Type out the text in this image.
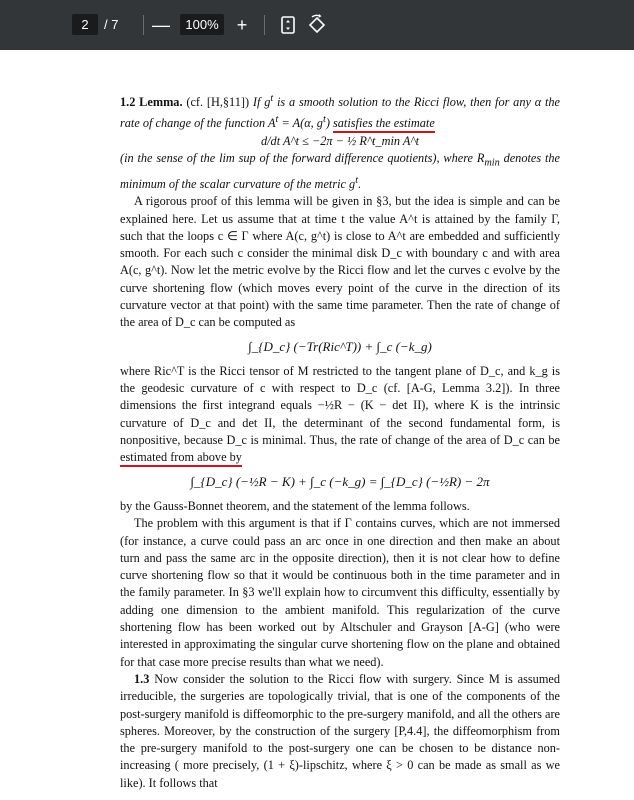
2	/ 7 —	100%	+

1.2 Lemma. (cf. [H,§11]) If $g^t$ is a smooth solution to the Ricci flow, then for any α the rate of change of the function $A^t = A(\alpha$, $g^t$) satisfies the estimate

d/dt A^t ≤ −2π − ½ R^t_min A^t

(in the sense of the lim sup of the forward difference quotients), where $R_{min}$ denotes the minimum of the scalar curvature of the metric $g^t$.

A rigorous proof of this lemma will be given in §3, but the idea is simple and can be explained here. Let us assume that at time t the value A^t is attained by the family Γ, such that the loops c ∈ Γ where A(c, g^t) is close to A^t are embedded and sufficiently smooth. For each such c consider the minimal disk D_c with boundary c and with area A(c, g^t). Now let the metric evolve by the Ricci flow and let the curves c evolve by the curve shortening flow (which moves every point of the curve in the direction of its curvature vector at that point) with the same time parameter. Then the rate of change of the area of D_c can be computed as

∫_{D_c} (−Tr(Ric^T)) + ∫_c (−k_g)

where Ric^T is the Ricci tensor of M restricted to the tangent plane of D_c, and k_g is the geodesic curvature of c with respect to D_c (cf. [A-G, Lemma 3.2]). In three dimensions the first integrand equals −½R − (K − det II), where K is the intrinsic curvature of D_c and det II, the determinant of the second fundamental form, is nonpositive, because D_c is minimal. Thus, the rate of change of the area of D_c can be estimated from above by

∫_{D_c} (−½R − K) + ∫_c (−k_g) = ∫_{D_c} (−½R) − 2π

by the Gauss-Bonnet theorem, and the statement of the lemma follows.

The problem with this argument is that if Γ contains curves, which are not immersed (for instance, a curve could pass an arc once in one direction and then make an about turn and pass the same arc in the opposite direction), then it is not clear how to define curve shortening flow so that it would be continuous both in the time parameter and in the family parameter. In §3 we'll explain how to circumvent this difficulty, essentially by adding one dimension to the ambient manifold. This regularization of the curve shortening flow has been worked out by Altschuler and Grayson [A-G] (who were interested in approximating the singular curve shortening flow on the plane and obtained for that case more precise results than what we need).

1.3 Now consider the solution to the Ricci flow with surgery. Since M is assumed irreducible, the surgeries are topologically trivial, that is one of the components of the post-surgery manifold is diffeomorphic to the pre-surgery manifold, and all the others are spheres. Moreover, by the construction of the surgery [P,4.4], the diffeomorphism from the pre-surgery manifold to the post-surgery one can be chosen to be distance non-increasing ( more precisely, (1 + ξ)-lipschitz, where ξ > 0 can be made as small as we like). It follows that
